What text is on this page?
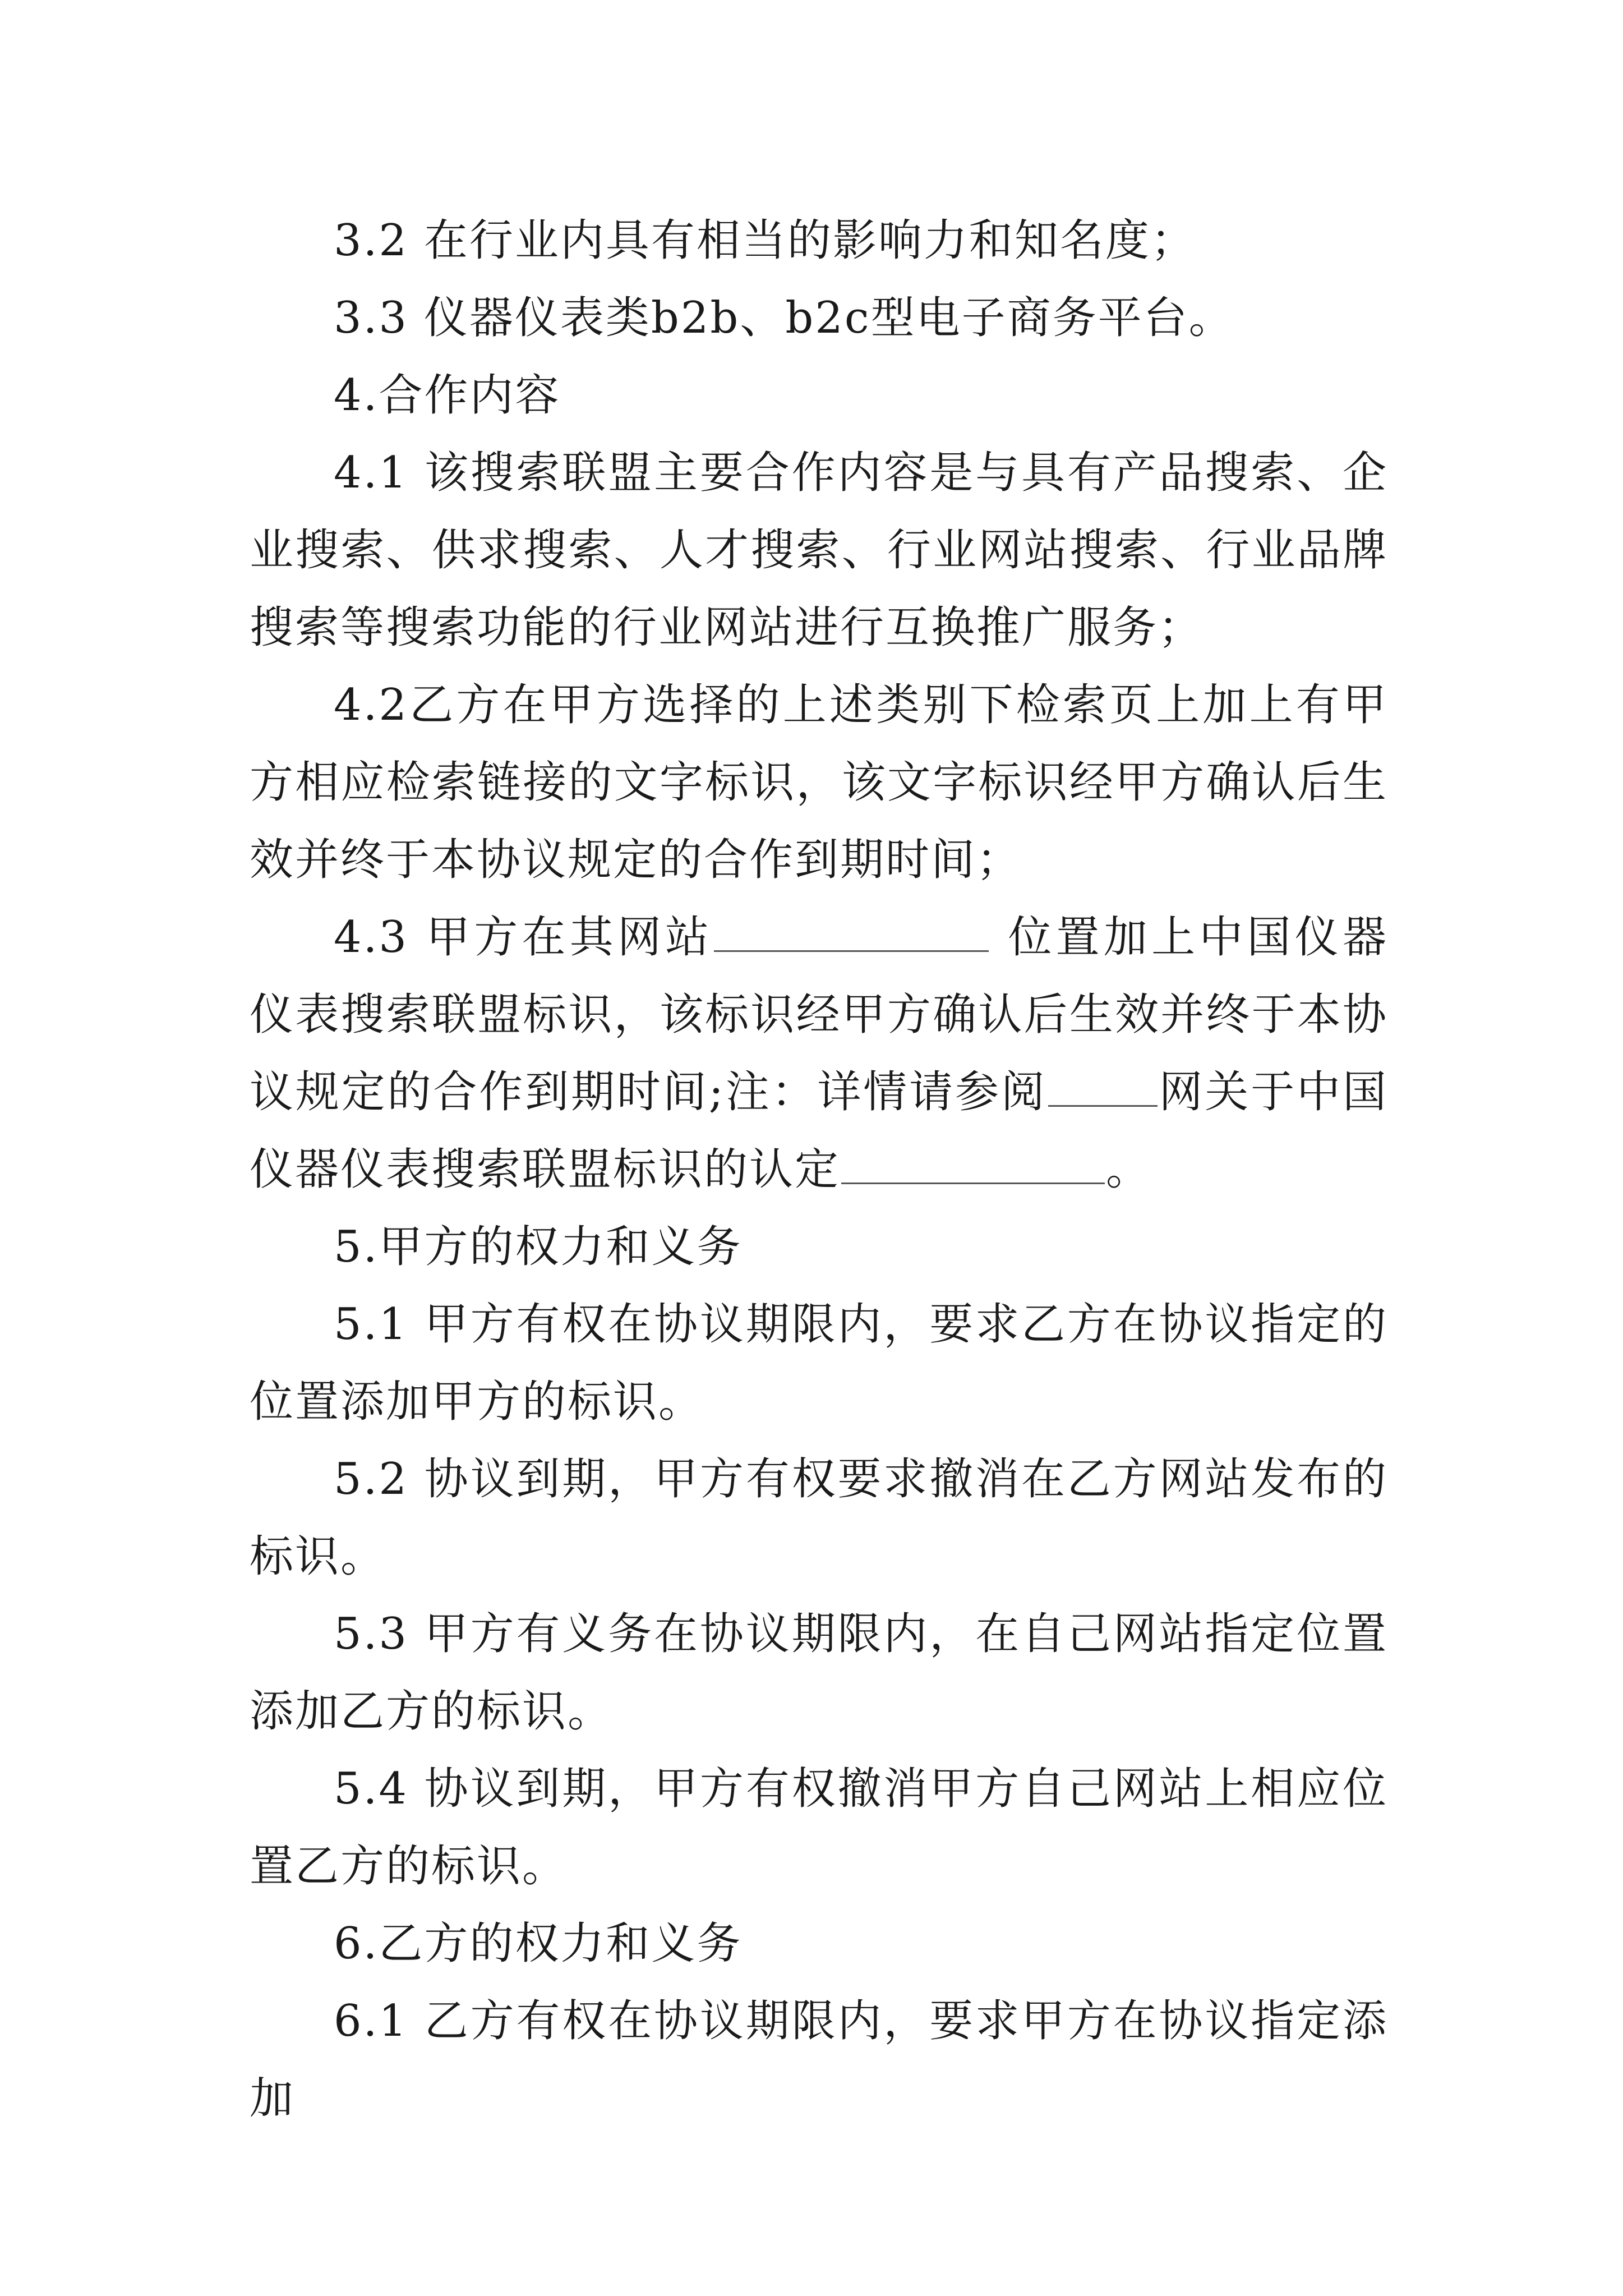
3.2 在行业内具有相当的影响力和知名度；

3.3 仪器仪表类b2b、b2c型电子商务平台。

4.合作内容

4.1 该搜索联盟主要合作内容是与具有产品搜索、企业搜索、供求搜索、人才搜索、行业网站搜索、行业品牌搜索等搜索功能的行业网站进行互换推广服务；

4.2乙方在甲方选择的上述类别下检索页上加上有甲方相应检索链接的文字标识，该文字标识经甲方确认后生效并终于本协议规定的合作到期时间；

4.3 甲方在其网站	位置加上中国仪器仪表搜索联盟标识，该标识经甲方确认后生效并终于本协议规定的合作到期时间;注：详情请参阅	网关于中国仪器仪表搜索联盟标识的认定	。

5.甲方的权力和义务

5.1 甲方有权在协议期限内，要求乙方在协议指定的位置添加甲方的标识。

5.2 协议到期，甲方有权要求撤消在乙方网站发布的标识。

5.3 甲方有义务在协议期限内，在自己网站指定位置添加乙方的标识。

5.4 协议到期，甲方有权撤消甲方自己网站上相应位置乙方的标识。

6.乙方的权力和义务

6.1 乙方有权在协议期限内，要求甲方在协议指定添加
